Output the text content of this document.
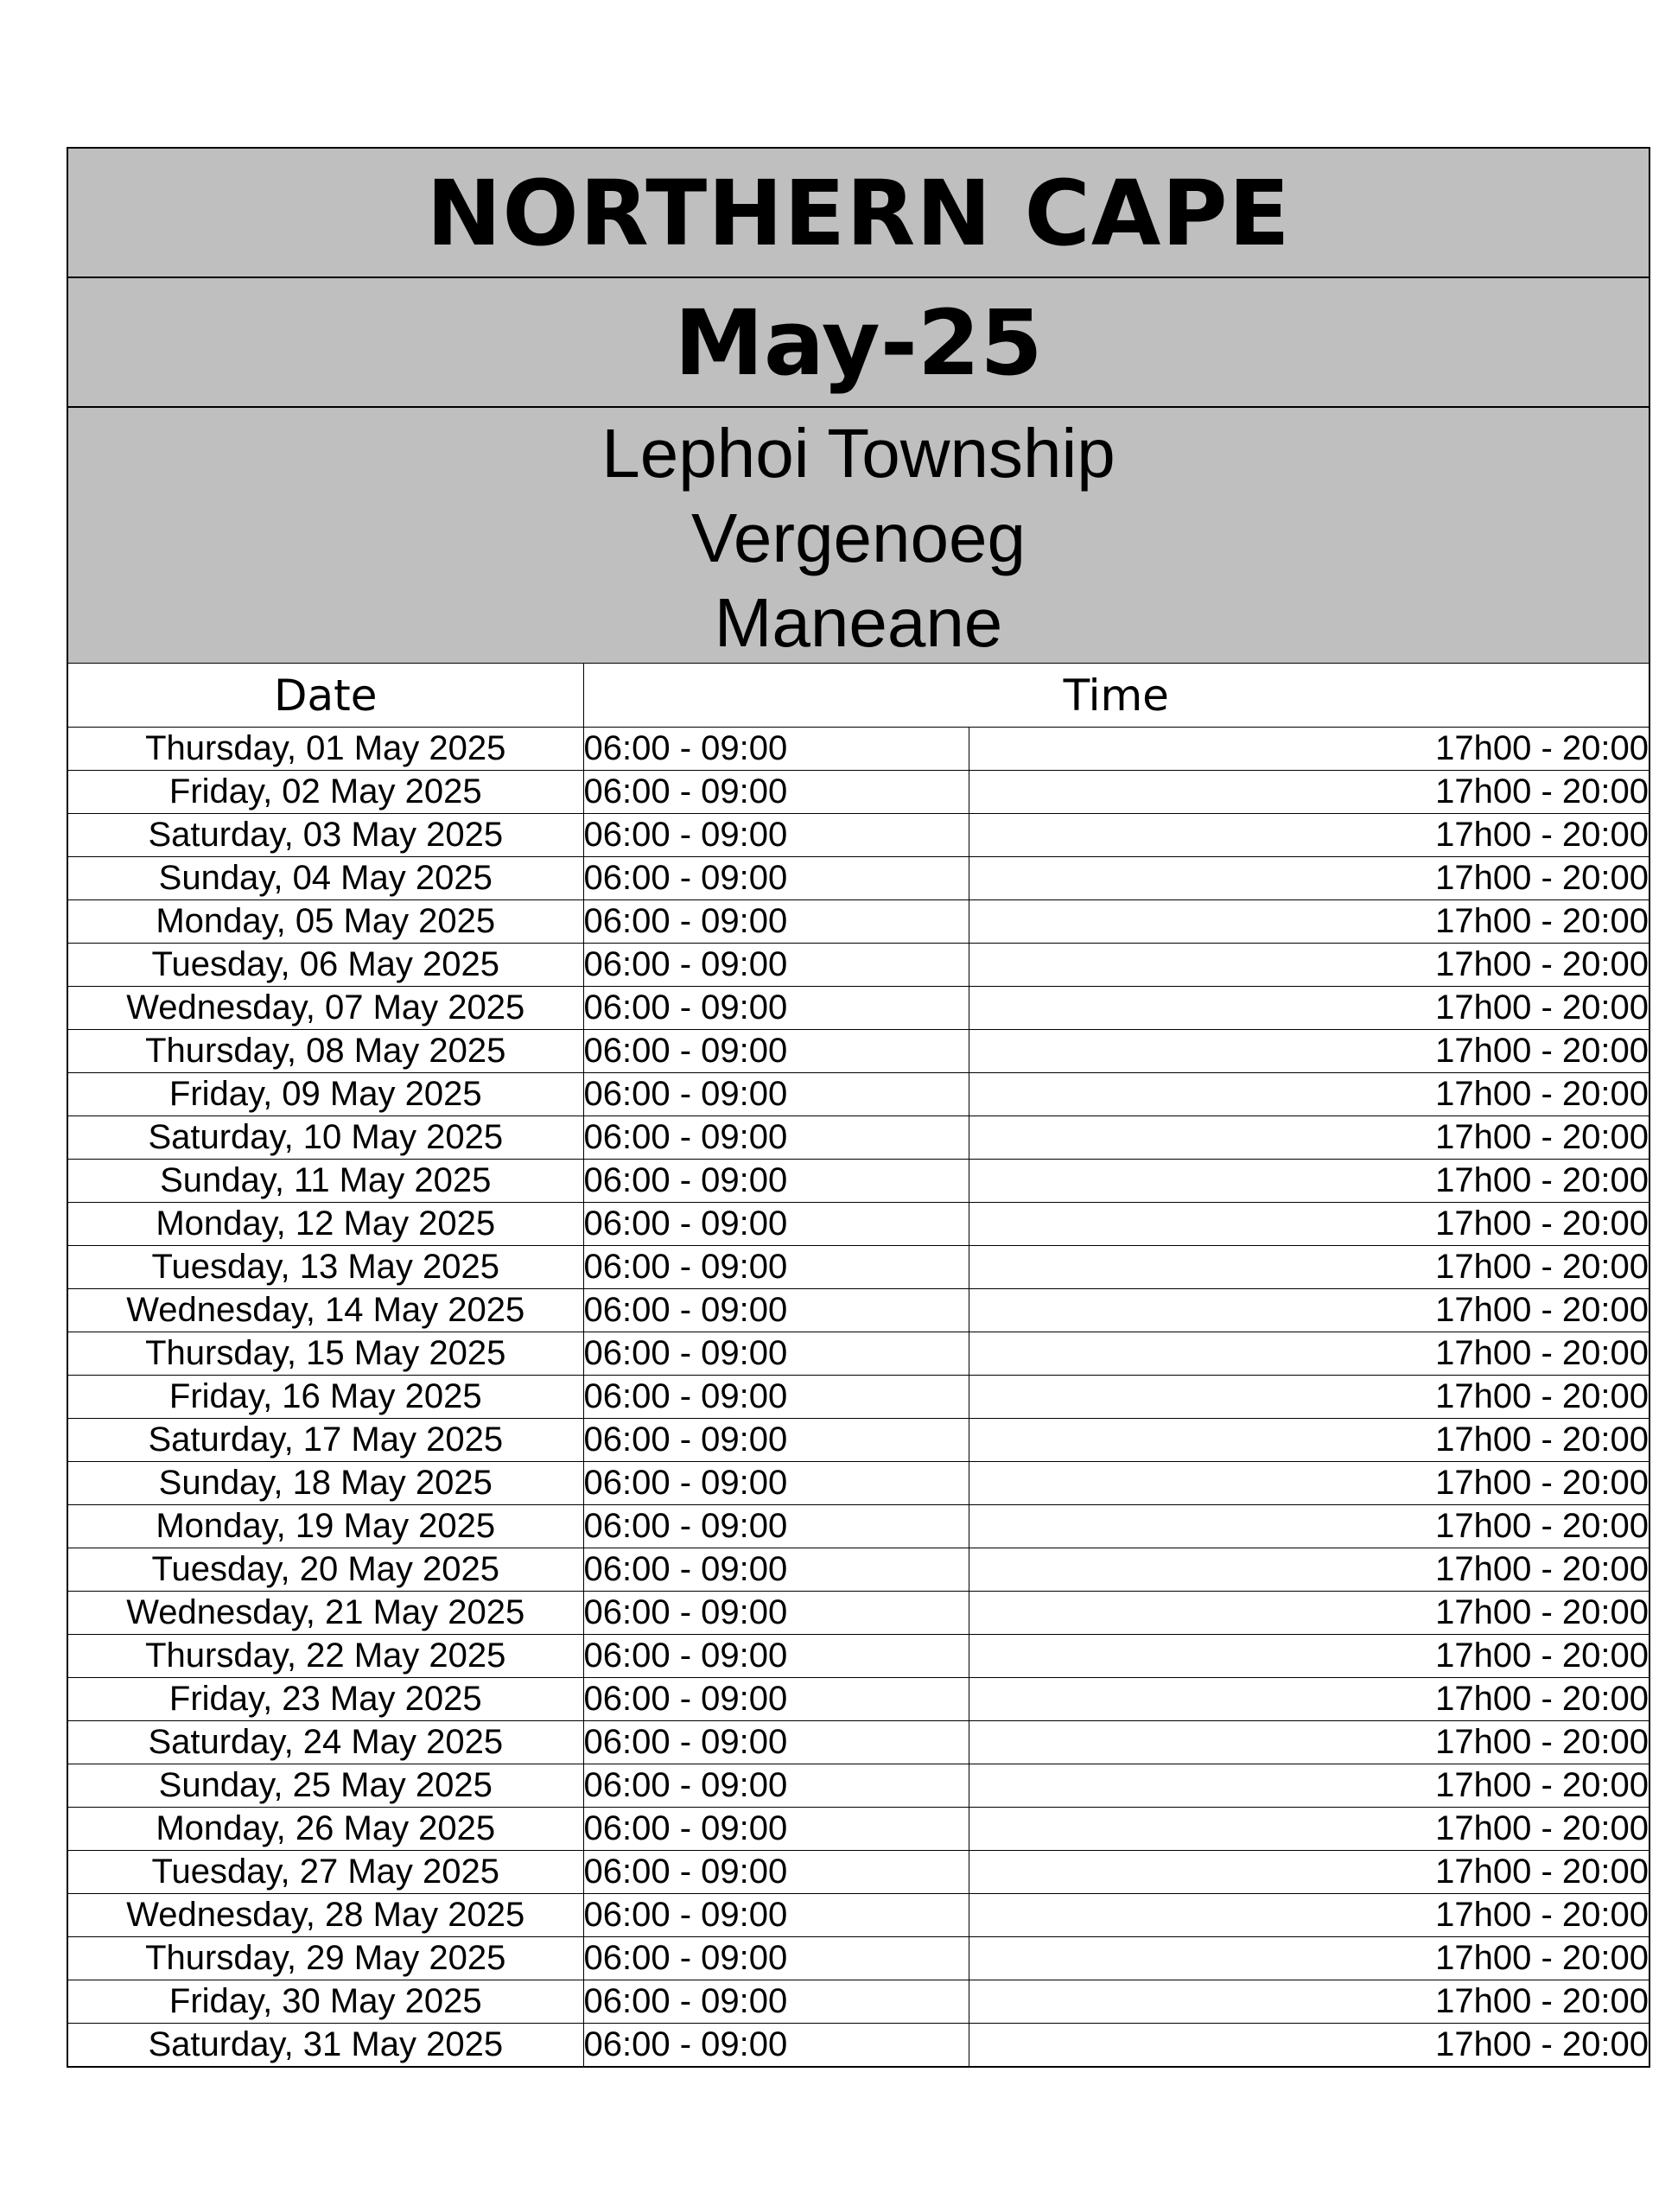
NORTHERN CAPE
May-25
Lephoi Township
Vergenoeg
Maneane
Date	Time	
Thursday, 01 May 2025	06:00 - 09:00	17h00 - 20:00
Friday, 02 May 2025	06:00 - 09:00	17h00 - 20:00
Saturday, 03 May 2025	06:00 - 09:00	17h00 - 20:00
Sunday, 04 May 2025	06:00 - 09:00	17h00 - 20:00
Monday, 05 May 2025	06:00 - 09:00	17h00 - 20:00
Tuesday, 06 May 2025	06:00 - 09:00	17h00 - 20:00
Wednesday, 07 May 2025	06:00 - 09:00	17h00 - 20:00
Thursday, 08 May 2025	06:00 - 09:00	17h00 - 20:00
Friday, 09 May 2025	06:00 - 09:00	17h00 - 20:00
Saturday, 10 May 2025	06:00 - 09:00	17h00 - 20:00
Sunday, 11 May 2025	06:00 - 09:00	17h00 - 20:00
Monday, 12 May 2025	06:00 - 09:00	17h00 - 20:00
Tuesday, 13 May 2025	06:00 - 09:00	17h00 - 20:00
Wednesday, 14 May 2025	06:00 - 09:00	17h00 - 20:00
Thursday, 15 May 2025	06:00 - 09:00	17h00 - 20:00
Friday, 16 May 2025	06:00 - 09:00	17h00 - 20:00
Saturday, 17 May 2025	06:00 - 09:00	17h00 - 20:00
Sunday, 18 May 2025	06:00 - 09:00	17h00 - 20:00
Monday, 19 May 2025	06:00 - 09:00	17h00 - 20:00
Tuesday, 20 May 2025	06:00 - 09:00	17h00 - 20:00
Wednesday, 21 May 2025	06:00 - 09:00	17h00 - 20:00
Thursday, 22 May 2025	06:00 - 09:00	17h00 - 20:00
Friday, 23 May 2025	06:00 - 09:00	17h00 - 20:00
Saturday, 24 May 2025	06:00 - 09:00	17h00 - 20:00
Sunday, 25 May 2025	06:00 - 09:00	17h00 - 20:00
Monday, 26 May 2025	06:00 - 09:00	17h00 - 20:00
Tuesday, 27 May 2025	06:00 - 09:00	17h00 - 20:00
Wednesday, 28 May 2025	06:00 - 09:00	17h00 - 20:00
Thursday, 29 May 2025	06:00 - 09:00	17h00 - 20:00
Friday, 30 May 2025	06:00 - 09:00	17h00 - 20:00
Saturday, 31 May 2025	06:00 - 09:00	17h00 - 20:00
